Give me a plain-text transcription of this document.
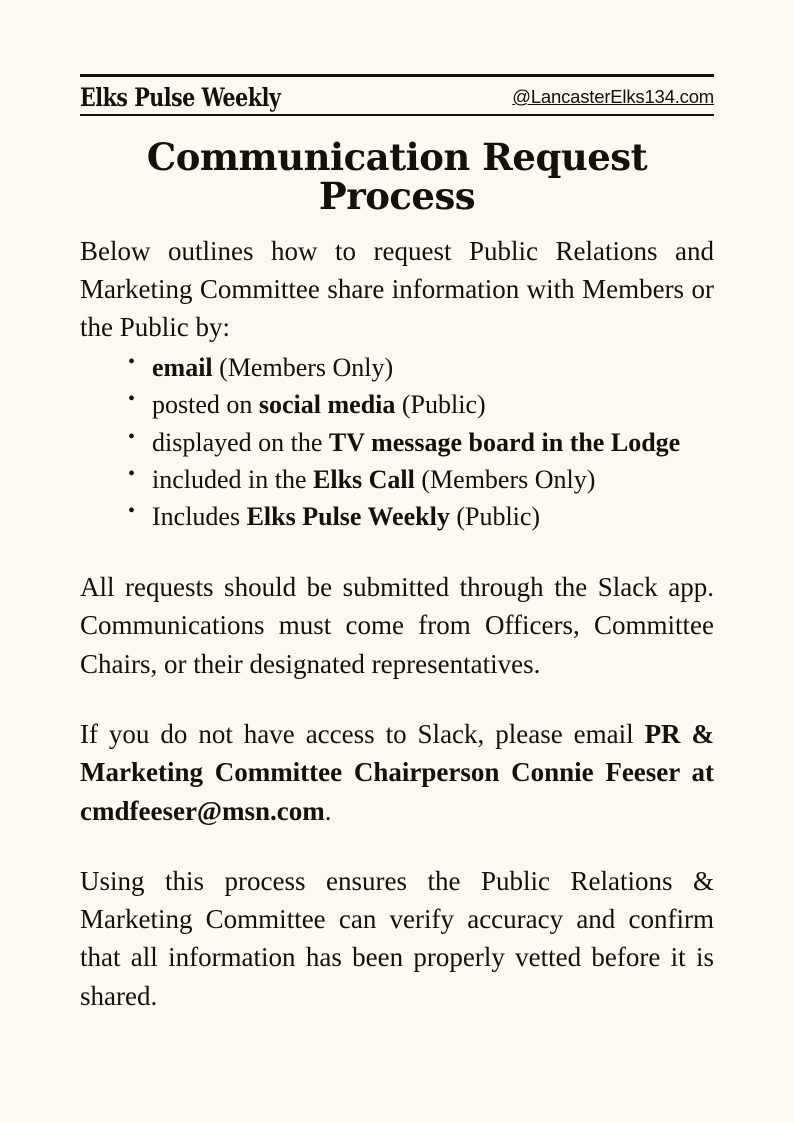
Elks Pulse Weekly	@LancasterElks134.com
Communication Request Process

Below outlines how to request Public Relations and Marketing Committee share information with Members or the Public by:

• email (Members Only)
• posted on social media (Public)
• displayed on the TV message board in the Lodge
• included in the Elks Call (Members Only)
• Includes Elks Pulse Weekly (Public)

All requests should be submitted through the Slack app. Communications must come from Officers, Committee Chairs, or their designated representatives.

If you do not have access to Slack, please email PR & Marketing Committee Chairperson Connie Feeser at cmdfeeser@msn.com.

Using this process ensures the Public Relations & Marketing Committee can verify accuracy and confirm that all information has been properly vetted before it is shared.
